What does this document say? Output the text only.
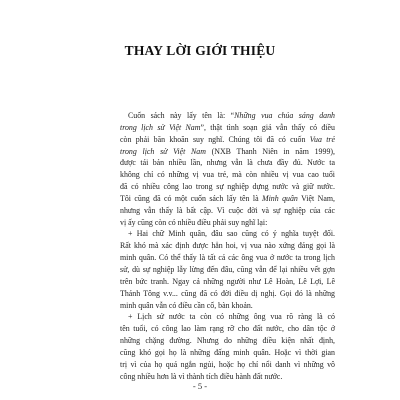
THAY LỜI GIỚI THIỆU
Cuốn sách này lấy tên là: “Những vua chúa sáng danh
trong lịch sử Việt Nam”, thật tình soạn giả vẫn thấy có điều
còn phải băn khoăn suy nghĩ. Chúng tôi đã có cuốn Vua trẻ
trong lịch sử Việt Nam (NXB Thanh Niên in năm 1999),
được tái bản nhiều lần, nhưng vẫn là chưa đầy đủ. Nước ta
không chỉ có những vị vua trẻ, mà còn nhiều vị vua cao tuổi
đã có nhiều công lao trong sự nghiệp dựng nước và giữ nước.
Tôi cũng đã có một cuốn sách lấy tên là Minh quân Việt Nam,
nhưng vẫn thấy là bất cập. Vì cuộc đời và sự nghiệp của các
vị ấy cũng còn có nhiều điều phải suy nghĩ lại:
+ Hai chữ Minh quân, đâu sao cũng có ý nghĩa tuyệt đối.
Rất khó mà xác định được hẳn hoi, vị vua nào xứng đáng gọi là
minh quân. Có thể thấy là tất cả các ông vua ở nước ta trong lịch
sử, dù sự nghiệp lẫy lừng đến đâu, cũng vẫn để lại nhiều vết gợn
trên bức tranh. Ngay cả những người như Lê Hoàn, Lê Lợi, Lê
Thánh Tông v.v... cũng đã có đời điều dị nghị. Gọi đó là những
minh quân vẫn có điều cần cố, bàn khoản.
+ Lịch sử nước ta còn có những ông vua rõ ràng là có
tên tuổi, có công lao làm rạng rỡ cho đất nước, cho dân tộc ở
những chặng đường. Nhưng do những điều kiện nhất định,
cũng khó gọi họ là những đấng minh quân. Hoặc vì thời gian
trị vì của họ quá ngắn ngủi, hoặc họ chỉ nổi danh vì những vô
công nhiều hơn là vì thành tích điều hành đất nước.
- 5 -
